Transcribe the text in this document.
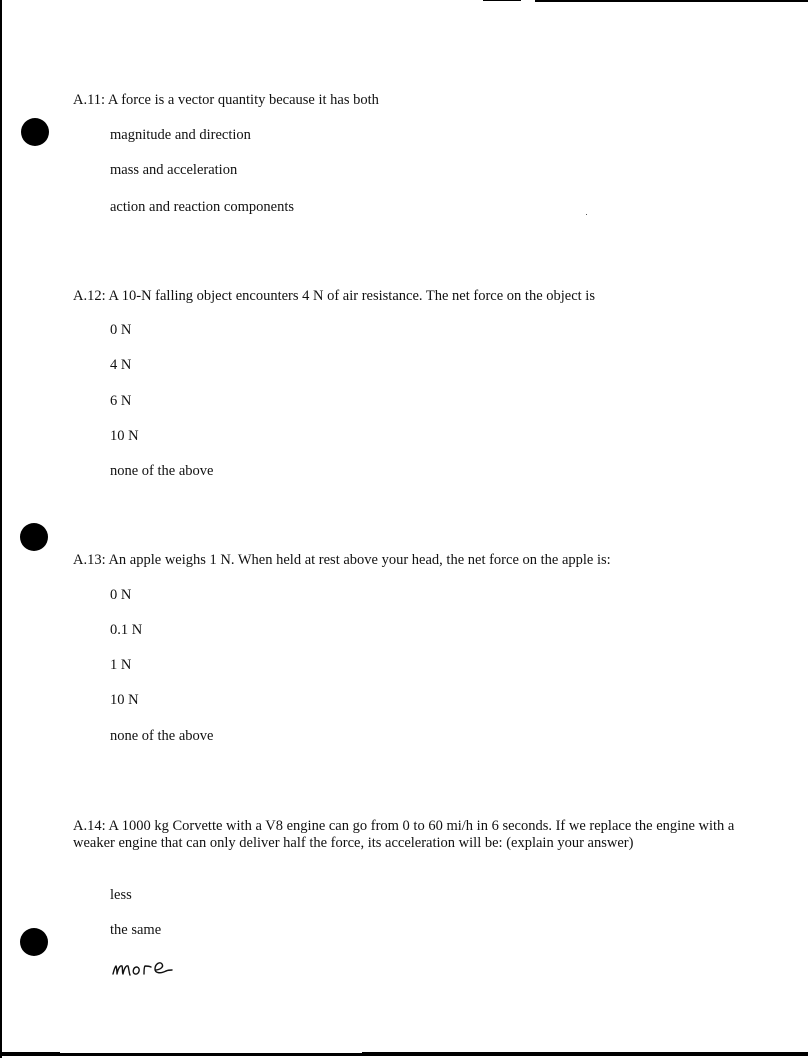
A.11: A force is a vector quantity because it has both

magnitude and direction

mass and acceleration

action and reaction components

A.12: A 10-N falling object encounters 4 N of air resistance. The net force on the object is

0 N

4 N

6 N

10 N

none of the above

A.13: An apple weighs 1 N. When held at rest above your head, the net force on the apple is:

0 N

0.1 N

1 N

10 N

none of the above

A.14: A 1000 kg Corvette with a V8 engine can go from 0 to 60 mi/h in 6 seconds. If we replace the engine with a weaker engine that can only deliver half the force, its acceleration will be: (explain your answer)

less

the same
